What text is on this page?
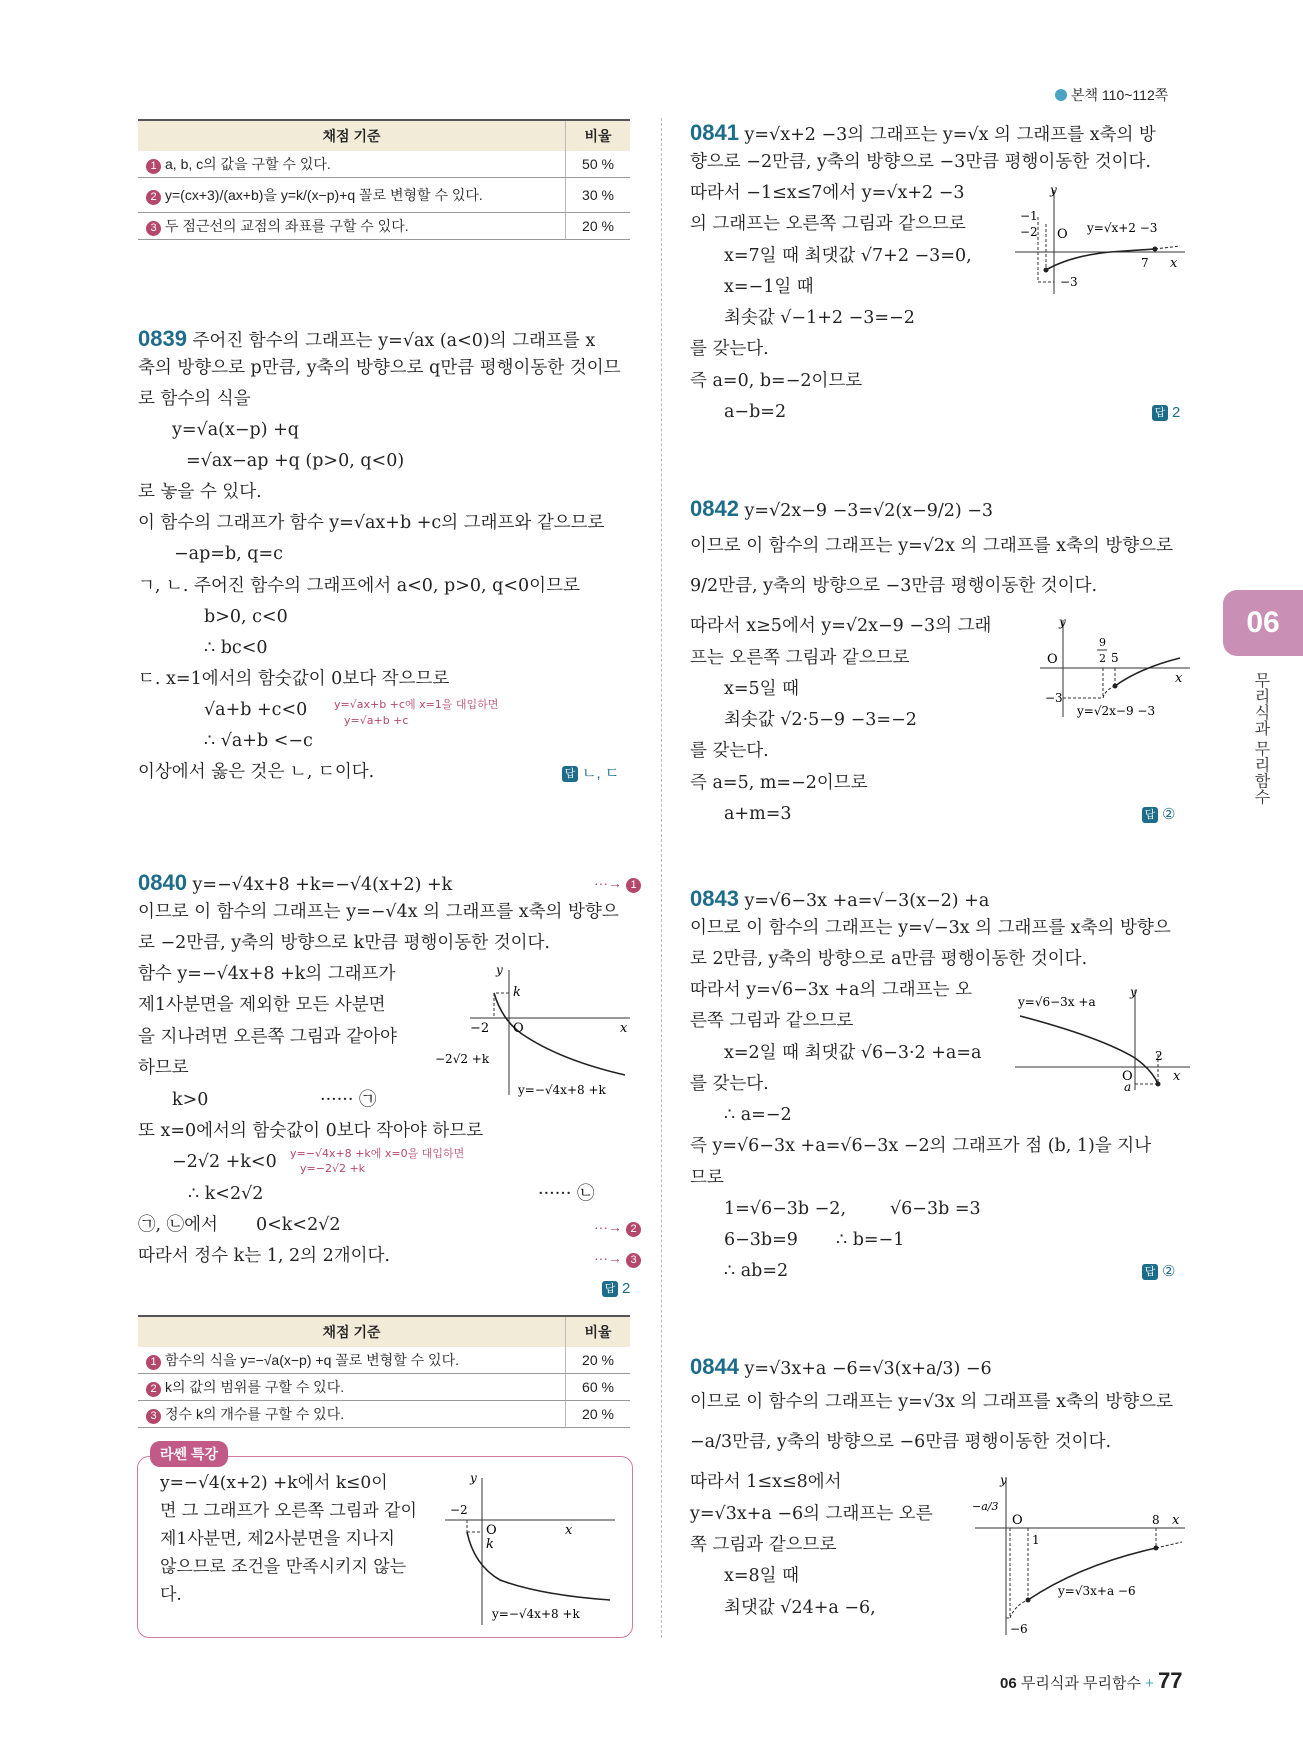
본책 110~112쪽
채점 기준	비율
1 a, b, c의 값을 구할 수 있다.	50 %
2 y=(cx+3)/(ax+b)을 y=k/(x−p)+q 꼴로 변형할 수 있다.	30 %
3 두 점근선의 교점의 좌표를 구할 수 있다.	20 %
0839 주어진 함수의 그래프는 y=√ax (a<0)의 그래프를 x
축의 방향으로 p만큼, y축의 방향으로 q만큼 평행이동한 것이므
로 함수의 식을
y=√a(x−p) +q
=√ax−ap +q (p>0, q<0)
로 놓을 수 있다.
이 함수의 그래프가 함수 y=√ax+b +c의 그래프와 같으므로
−ap=b, q=c
ㄱ, ㄴ. 주어진 함수의 그래프에서 a<0, p>0, q<0이므로
b>0, c<0
∴ bc<0
ㄷ. x=1에서의 함숫값이 0보다 작으므로
√a+b +c<0 y=√ax+b +c에 x=1을 대입하면
y=√a+b +c
∴ √a+b <−c
이상에서 옳은 것은 ㄴ, ㄷ이다.	답 ㄴ, ㄷ
0840 y=−√4x+8 +k=−√4(x+2) +k	···→ 1
이므로 이 함수의 그래프는 y=−√4x 의 그래프를 x축의 방향으
로 −2만큼, y축의 방향으로 k만큼 평행이동한 것이다.
함수 y=−√4x+8 +k의 그래프가
제1사분면을 제외한 모든 사분면
을 지나려면 오른쪽 그림과 같아야
하므로
k>0	······ ㉠
또 x=0에서의 함숫값이 0보다 작아야 하므로
−2√2 +k<0 y=−√4x+8 +k에 x=0을 대입하면
y=−2√2 +k
∴ k<2√2	······ ㉡
㉠, ㉡에서 0<k<2√2	···→ 2
따라서 정수 k는 1, 2의 2개이다.	···→ 3
답 2
y
k
−2 O	x
−2√2 +k
y=−√4x+8 +k
채점 기준	비율
1 함수의 식을 y=−√a(x−p) +q 꼴로 변형할 수 있다.	20 %
2 k의 값의 범위를 구할 수 있다.	60 %
3 정수 k의 개수를 구할 수 있다.	20 %
라쎈 특강
y=−√4(x+2) +k에서 k≤0이
면 그 그래프가 오른쪽 그림과 같이
제1사분면, 제2사분면을 지나지
않으므로 조건을 만족시키지 않는
다.
y
−2
O	x
k
y=−√4x+8 +k
0841 y=√x+2 −3의 그래프는 y=√x 의 그래프를 x축의 방
향으로 −2만큼, y축의 방향으로 −3만큼 평행이동한 것이다.
따라서 −1≤x≤7에서 y=√x+2 −3
의 그래프는 오른쪽 그림과 같으므로
x=7일 때 최댓값 √7+2 −3=0,
x=−1일 때
최솟값 √−1+2 −3=−2
를 갖는다.
즉 a=0, b=−2이므로
a−b=2	답 2
y
−1
−2 O y=√x+2 −3
7 x
−3
0842 y=√2x−9 −3=√2(x−9/2) −3
이므로 이 함수의 그래프는 y=√2x 의 그래프를 x축의 방향으로
9/2만큼, y축의 방향으로 −3만큼 평행이동한 것이다.
따라서 x≥5에서 y=√2x−9 −3의 그래
프는 오른쪽 그림과 같으므로
x=5일 때
최솟값 √2·5−9 −3=−2
를 갖는다.
즉 a=5, m=−2이므로
a+m=3	답 ②
y
O
9
2 5
x
−3
y=√2x−9 −3
0843 y=√6−3x +a=√−3(x−2) +a
이므로 이 함수의 그래프는 y=√−3x 의 그래프를 x축의 방향으
로 2만큼, y축의 방향으로 a만큼 평행이동한 것이다.
따라서 y=√6−3x +a의 그래프는 오
른쪽 그림과 같으므로
x=2일 때 최댓값 √6−3·2 +a=a
를 갖는다.
∴ a=−2
즉 y=√6−3x +a=√6−3x −2의 그래프가 점 (b, 1)을 지나
므로
1=√6−3b −2,	√6−3b =3
6−3b=9 ∴ b=−1
∴ ab=2	답 ②
y=√6−3x +a
y
2
O	x
a
0844 y=√3x+a −6=√3(x+a/3) −6
이므로 이 함수의 그래프는 y=√3x 의 그래프를 x축의 방향으로
−a/3만큼, y축의 방향으로 −6만큼 평행이동한 것이다.
따라서 1≤x≤8에서
y=√3x+a −6의 그래프는 오른
쪽 그림과 같으므로
x=8일 때
최댓값 √24+a −6,
y
−a/3
O
1
8 x
y=√3x+a −6
−6
06
무리식과 무리함수
06 무리식과 무리함수 + 77
